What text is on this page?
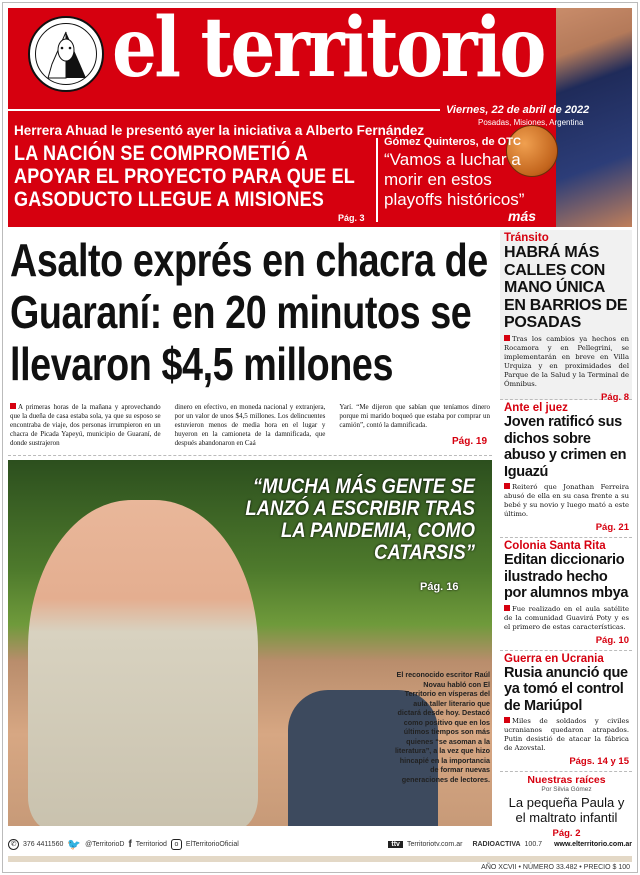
el territorio
Viernes, 22 de abril de 2022
Posadas, Misiones, Argentina
Herrera Ahuad le presentó ayer la iniciativa a Alberto Fernández
LA NACIÓN SE COMPROMETIÓ A APOYAR EL PROYECTO PARA QUE EL GASODUCTO LLEGUE A MISIONES
Pág. 3
Gómez Quinteros, de OTC
“Vamos a luchar a morir en estos playoffs históricos”
más
Asalto exprés en chacra de Guaraní: en 20 minutos se llevaron $4,5 millones
A primeras horas de la mañana y aprovechando que la dueña de casa estaba sola, ya que su esposo se encontraba de viaje, dos personas irrumpieron en un chacra de Picada Yapeyú, municipio de Guaraní, de donde sustrajeron
dinero en efectivo, en moneda nacional y extranjera, por un valor de unos $4,5 millones. Los delincuentes estuvieron menos de media hora en el lugar y huyeron en la camioneta de la damnificada, que después abandonaron en Caá
Yarí. “Me dijeron que sabían que teníamos dinero porque mi marido boqueó que estaba por comprar un camión”, contó la damnificada.
Pág. 19
“MUCHA MÁS GENTE SE LANZÓ A ESCRIBIR TRAS LA PANDEMIA, COMO CATARSIS”
Pág. 16
El reconocido escritor Raúl Novau habló con El Territorio en vísperas del aula taller literario que dictará desde hoy. Destacó como positivo que en los últimos tiempos son más quienes “se asoman a la literatura”, a la vez que hizo hincapié en la importancia de formar nuevas generaciones de lectores.
Tránsito
HABRÁ MÁS CALLES CON MANO ÚNICA EN BARRIOS DE POSADAS
Tras los cambios ya hechos en Rocamora y en Pellegrini, se implementarán en breve en Villa Urquiza y en proximidades del Parque de la Salud y la Terminal de Ómnibus.
Pág. 8
Ante el juez
Joven ratificó sus dichos sobre abuso y crimen en Iguazú
Reiteró que Jonathan Ferreira abusó de ella en su casa frente a su bebé y su novio y luego mató a este último.
Pág. 21
Colonia Santa Rita
Editan diccionario ilustrado hecho por alumnos mbya
Fue realizado en el aula satélite de la comunidad Guavirá Poty y es el primero de estas características.
Pág. 10
Guerra en Ucrania
Rusia anunció que ya tomó el control de Mariúpol
Miles de soldados y civiles ucranianos quedaron atrapados. Putin desistió de atacar la fábrica de Azovstal.
Págs. 14 y 15
Nuestras raíces
Por Silvia Gómez
La pequeña Paula y el maltrato infantil
Pág. 2
✆ 376 4411560 🐦 @TerritorioD f Territoriod	o	ElTerritorioOficial	ttv	Territoriotv.com.ar RADIOACTIVA 100.7 www.elterritorio.com.ar
AÑO XCVII • NÚMERO 33.482 • PRECIO $ 100
